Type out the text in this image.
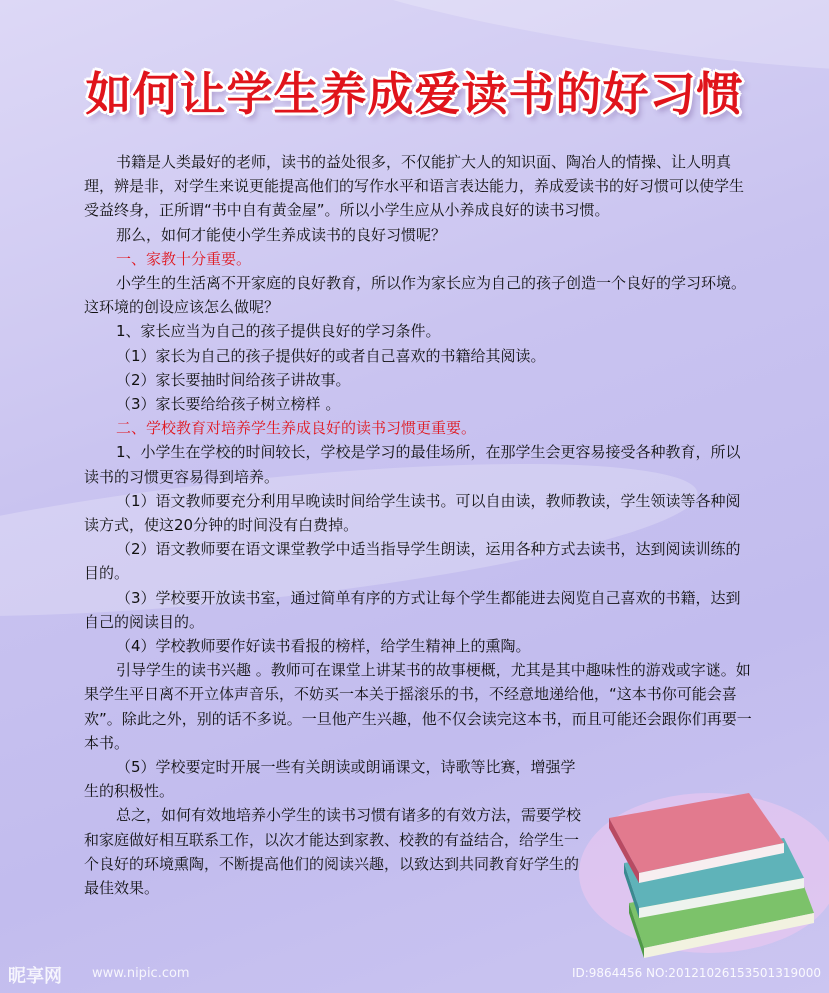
如何让学生养成爱读书的好习惯

书籍是人类最好的老师，读书的益处很多，不仅能扩大人的知识面、陶冶人的情操、让人明真理，辨是非，对学生来说更能提高他们的写作水平和语言表达能力，养成爱读书的好习惯可以使学生受益终身，正所谓“书中自有黄金屋”。所以小学生应从小养成良好的读书习惯。

那么，如何才能使小学生养成读书的良好习惯呢？

一、家教十分重要。

小学生的生活离不开家庭的良好教育，所以作为家长应为自己的孩子创造一个良好的学习环境。这环境的创设应该怎么做呢？

1、家长应当为自己的孩子提供良好的学习条件。

（1）家长为自己的孩子提供好的或者自己喜欢的书籍给其阅读。

（2）家长要抽时间给孩子讲故事。

（3）家长要给给孩子树立榜样 。

二、学校教育对培养学生养成良好的读书习惯更重要。

1、小学生在学校的时间较长，学校是学习的最佳场所，在那学生会更容易接受各种教育，所以读书的习惯更容易得到培养。

（1）语文教师要充分利用早晚读时间给学生读书。可以自由读，教师教读，学生领读等各种阅读方式，使这20分钟的时间没有白费掉。

（2）语文教师要在语文课堂教学中适当指导学生朗读，运用各种方式去读书，达到阅读训练的目的。

（3）学校要开放读书室，通过简单有序的方式让每个学生都能进去阅览自己喜欢的书籍，达到自己的阅读目的。

（4）学校教师要作好读书看报的榜样，给学生精神上的熏陶。

引导学生的读书兴趣 。教师可在课堂上讲某书的故事梗概，尤其是其中趣味性的游戏或字谜。如果学生平日离不开立体声音乐，不妨买一本关于摇滚乐的书，不经意地递给他，“这本书你可能会喜欢”。除此之外，别的话不多说。一旦他产生兴趣，他不仅会读完这本书，而且可能还会跟你们再要一本书。

（5）学校要定时开展一些有关朗读或朗诵课文，诗歌等比赛，增强学生的积极性。

总之，如何有效地培养小学生的读书习惯有诸多的有效方法，需要学校和家庭做好相互联系工作，以次才能达到家教、校教的有益结合，给学生一个良好的环境熏陶，不断提高他们的阅读兴趣，以致达到共同教育好学生的最佳效果。

昵享网 www.nipic.com	ID:9864456 NO:20121026153501319000
